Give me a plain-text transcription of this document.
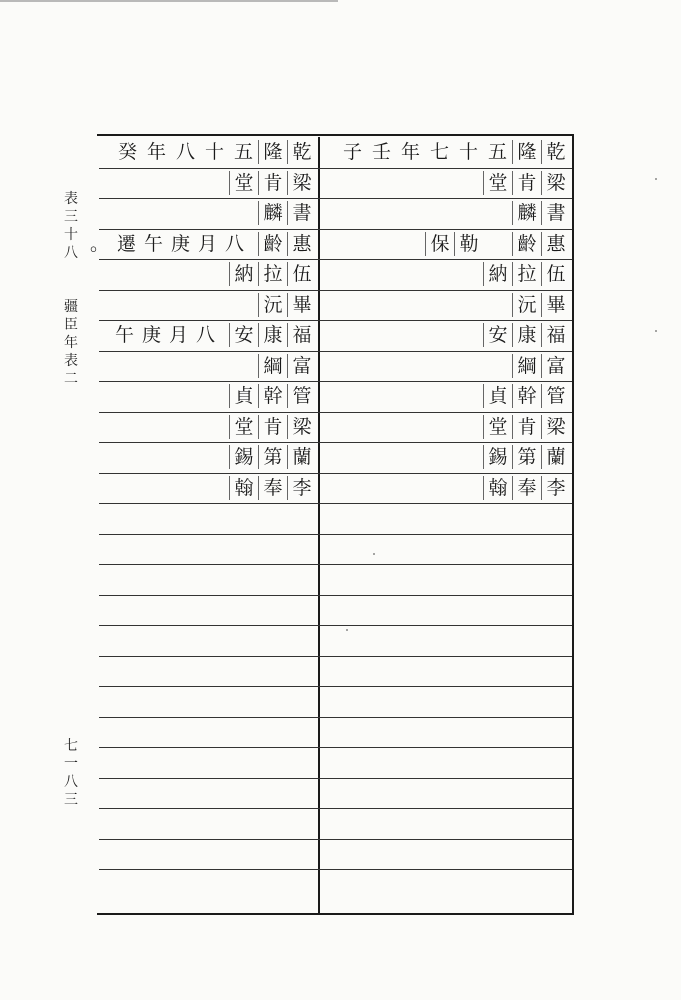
表三十八
疆臣年表二
七一八三
乾
隆
五
十
七
年
壬
子
乾
隆
五
十
八
年
癸
梁
肯
堂
書
麟
惠
齡
勒
保
伍
拉
納
畢
沅
福
康
安
富
綱
管
幹
貞
梁
肯
堂
蘭
第
錫
李
奉
翰
梁
肯
堂
書
麟
惠
齡
八月庚午遷。
伍
拉
納
畢
沅
福
康
安
八月庚午
富
綱
管
幹
貞
梁
肯
堂
蘭
第
錫
李
奉
翰
